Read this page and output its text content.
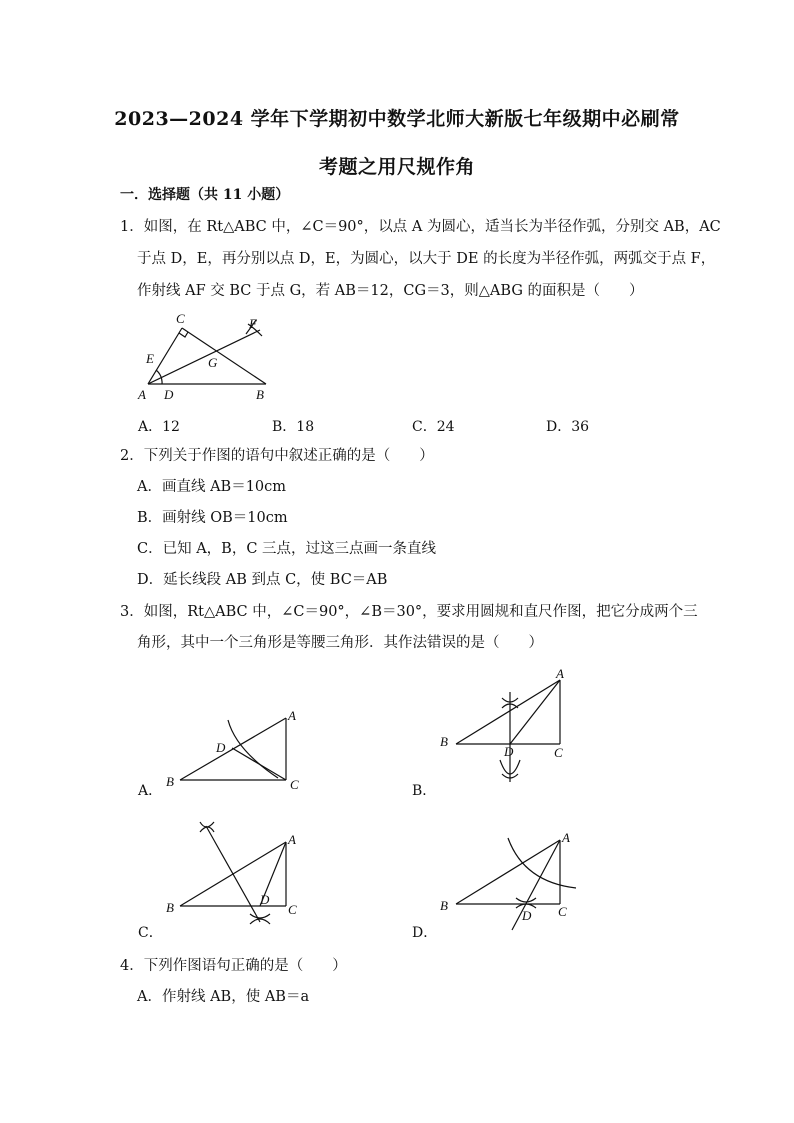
2023—2024 学年下学期初中数学北师大新版七年级期中必刷常
考题之用尺规作角
一．选择题（共 11 小题）
1．如图，在 Rt△ABC 中，∠C＝90°，以点 A 为圆心，适当长为半径作弧，分别交 AB，AC
于点 D，E，再分别以点 D，E，为圆心，以大于 DE 的长度为半径作弧，两弧交于点 F，
作射线 AF 交 BC 于点 G，若 AB＝12，CG＝3，则△ABG 的面积是（　　）
C	F
E	G
A D	B
A．12	B．18	C．24	D．36
2．下列关于作图的语句中叙述正确的是（　　）
A．画直线 AB＝10cm
B．画射线 OB＝10cm
C．已知 A，B，C 三点，过这三点画一条直线
D．延长线段 AB 到点 C，使 BC＝AB
3．如图，Rt△ABC 中，∠C＝90°，∠B＝30°，要求用圆规和直尺作图，把它分成两个三
角形，其中一个三角形是等腰三角形．其作法错误的是（　　）
A
D
B	C
A．
A
B
D	C
B．
A
B
D
C
C．
A
B
D C
D．
4．下列作图语句正确的是（　　）
A．作射线 AB，使 AB＝a
